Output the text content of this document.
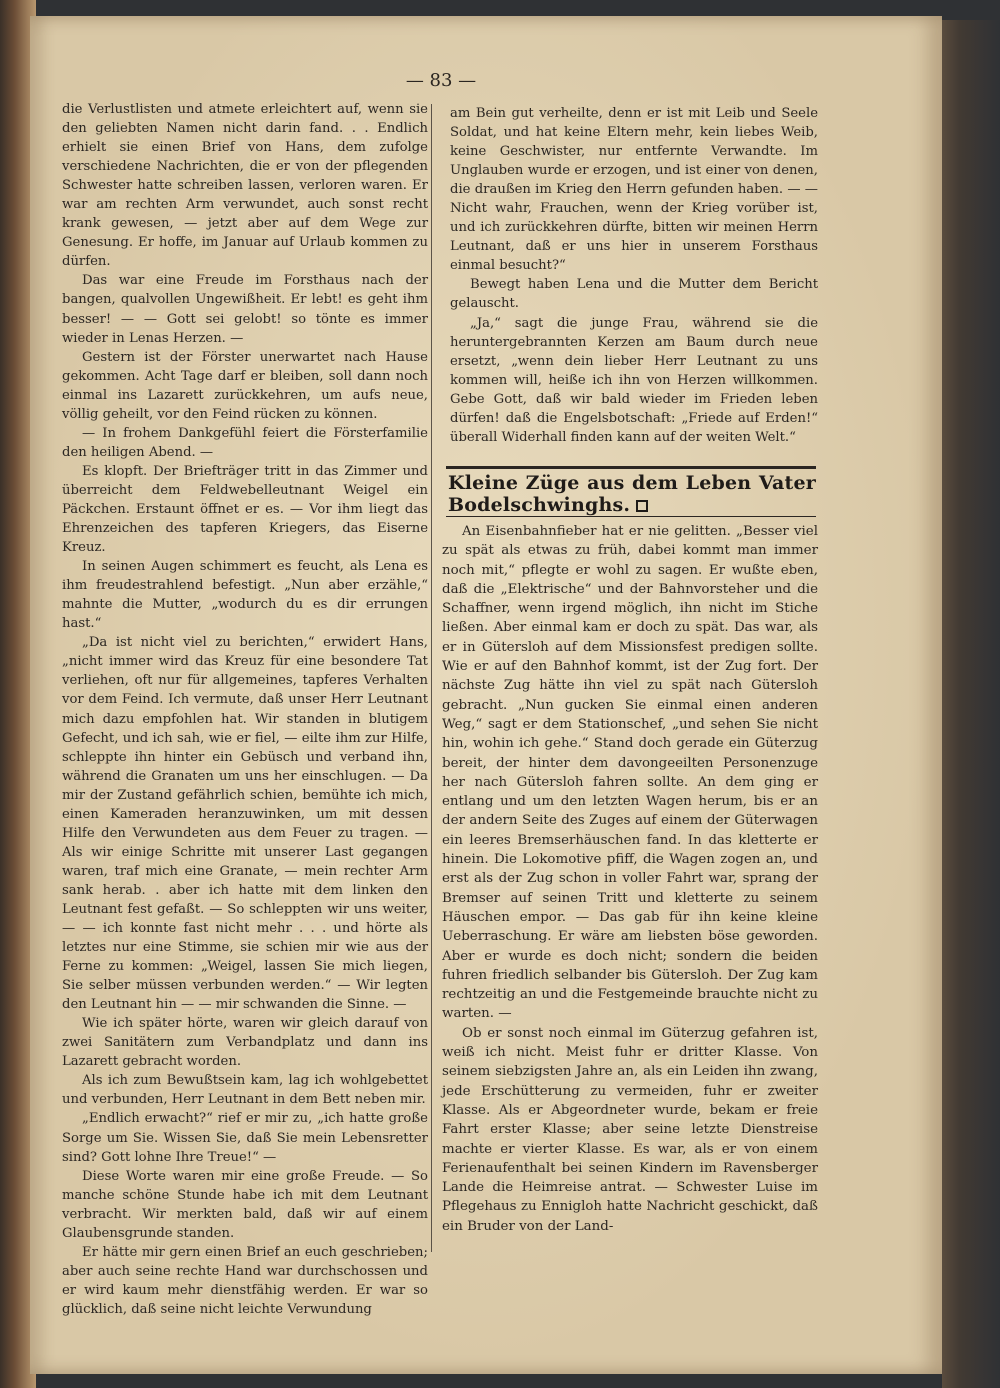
— 83 —

die Verlustlisten und atmete erleichtert auf, wenn sie den geliebten Namen nicht darin fand. . . Endlich erhielt sie einen Brief von Hans, dem zufolge verschiedene Nachrichten, die er von der pflegenden Schwester hatte schreiben lassen, verloren waren. Er war am rechten Arm verwundet, auch sonst recht krank gewesen, — jetzt aber auf dem Wege zur Genesung. Er hoffe, im Januar auf Urlaub kommen zu dürfen.

Das war eine Freude im Forsthaus nach der bangen, qualvollen Ungewißheit. Er lebt! es geht ihm besser! — — Gott sei gelobt! so tönte es immer wieder in Lenas Herzen. —

Gestern ist der Förster unerwartet nach Hause gekommen. Acht Tage darf er bleiben, soll dann noch einmal ins Lazarett zurückkehren, um aufs neue, völlig geheilt, vor den Feind rücken zu können.

— In frohem Dankgefühl feiert die Försterfamilie den heiligen Abend. —

Es klopft. Der Briefträger tritt in das Zimmer und überreicht dem Feldwebelleutnant Weigel ein Päckchen. Erstaunt öffnet er es. — Vor ihm liegt das Ehrenzeichen des tapferen Kriegers, das Eiserne Kreuz.

In seinen Augen schimmert es feucht, als Lena es ihm freudestrahlend befestigt. „Nun aber erzähle,“ mahnte die Mutter, „wodurch du es dir errungen hast.“

„Da ist nicht viel zu berichten,“ erwidert Hans, „nicht immer wird das Kreuz für eine besondere Tat verliehen, oft nur für allgemeines, tapferes Verhalten vor dem Feind. Ich vermute, daß unser Herr Leutnant mich dazu empfohlen hat. Wir standen in blutigem Gefecht, und ich sah, wie er fiel, — eilte ihm zur Hilfe, schleppte ihn hinter ein Gebüsch und verband ihn, während die Granaten um uns her einschlugen. — Da mir der Zustand gefährlich schien, bemühte ich mich, einen Kameraden heranzuwinken, um mit dessen Hilfe den Verwundeten aus dem Feuer zu tragen. — Als wir einige Schritte mit unserer Last gegangen waren, traf mich eine Granate, — mein rechter Arm sank herab. . aber ich hatte mit dem linken den Leutnant fest gefaßt. — So schleppten wir uns weiter, — — ich konnte fast nicht mehr . . . und hörte als letztes nur eine Stimme, sie schien mir wie aus der Ferne zu kommen: „Weigel, lassen Sie mich liegen, Sie selber müssen verbunden werden.“ — Wir legten den Leutnant hin — — mir schwanden die Sinne. —

Wie ich später hörte, waren wir gleich darauf von zwei Sanitätern zum Verbandplatz und dann ins Lazarett gebracht worden.

Als ich zum Bewußtsein kam, lag ich wohlgebettet und verbunden, Herr Leutnant in dem Bett neben mir.

„Endlich erwacht?“ rief er mir zu, „ich hatte große Sorge um Sie. Wissen Sie, daß Sie mein Lebensretter sind? Gott lohne Ihre Treue!“ —

Diese Worte waren mir eine große Freude. — So manche schöne Stunde habe ich mit dem Leutnant verbracht. Wir merkten bald, daß wir auf einem Glaubensgrunde standen.

Er hätte mir gern einen Brief an euch geschrieben; aber auch seine rechte Hand war durchschossen und er wird kaum mehr dienstfähig werden. Er war so glücklich, daß seine nicht leichte Verwundung

am Bein gut verheilte, denn er ist mit Leib und Seele Soldat, und hat keine Eltern mehr, kein liebes Weib, keine Geschwister, nur entfernte Verwandte. Im Unglauben wurde er erzogen, und ist einer von denen, die draußen im Krieg den Herrn gefunden haben. — — Nicht wahr, Frauchen, wenn der Krieg vorüber ist, und ich zurückkehren dürfte, bitten wir meinen Herrn Leutnant, daß er uns hier in unserem Forsthaus einmal besucht?“

Bewegt haben Lena und die Mutter dem Bericht gelauscht.

„Ja,“ sagt die junge Frau, während sie die heruntergebrannten Kerzen am Baum durch neue ersetzt, „wenn dein lieber Herr Leutnant zu uns kommen will, heiße ich ihn von Herzen willkommen. Gebe Gott, daß wir bald wieder im Frieden leben dürfen! daß die Engelsbotschaft: „Friede auf Erden!“ überall Widerhall finden kann auf der weiten Welt.“

Kleine Züge aus dem Leben Vater Bodelschwinghs.

An Eisenbahnfieber hat er nie gelitten. „Besser viel zu spät als etwas zu früh, dabei kommt man immer noch mit,“ pflegte er wohl zu sagen. Er wußte eben, daß die „Elektrische“ und der Bahnvorsteher und die Schaffner, wenn irgend möglich, ihn nicht im Stiche ließen. Aber einmal kam er doch zu spät. Das war, als er in Gütersloh auf dem Missionsfest predigen sollte. Wie er auf den Bahnhof kommt, ist der Zug fort. Der nächste Zug hätte ihn viel zu spät nach Gütersloh gebracht. „Nun gucken Sie einmal einen anderen Weg,“ sagt er dem Stationschef, „und sehen Sie nicht hin, wohin ich gehe.“ Stand doch gerade ein Güterzug bereit, der hinter dem davongeeilten Personenzuge her nach Gütersloh fahren sollte. An dem ging er entlang und um den letzten Wagen herum, bis er an der andern Seite des Zuges auf einem der Güterwagen ein leeres Bremserhäuschen fand. In das kletterte er hinein. Die Lokomotive pfiff, die Wagen zogen an, und erst als der Zug schon in voller Fahrt war, sprang der Bremser auf seinen Tritt und kletterte zu seinem Häuschen empor. — Das gab für ihn keine kleine Ueberraschung. Er wäre am liebsten böse geworden. Aber er wurde es doch nicht; sondern die beiden fuhren friedlich selbander bis Gütersloh. Der Zug kam rechtzeitig an und die Festgemeinde brauchte nicht zu warten. —

Ob er sonst noch einmal im Güterzug gefahren ist, weiß ich nicht. Meist fuhr er dritter Klasse. Von seinem siebzigsten Jahre an, als ein Leiden ihn zwang, jede Erschütterung zu vermeiden, fuhr er zweiter Klasse. Als er Abgeordneter wurde, bekam er freie Fahrt erster Klasse; aber seine letzte Dienstreise machte er vierter Klasse. Es war, als er von einem Ferienaufenthalt bei seinen Kindern im Ravensberger Lande die Heimreise antrat. — Schwester Luise im Pflegehaus zu Ennigloh hatte Nachricht geschickt, daß ein Bruder von der Land-
